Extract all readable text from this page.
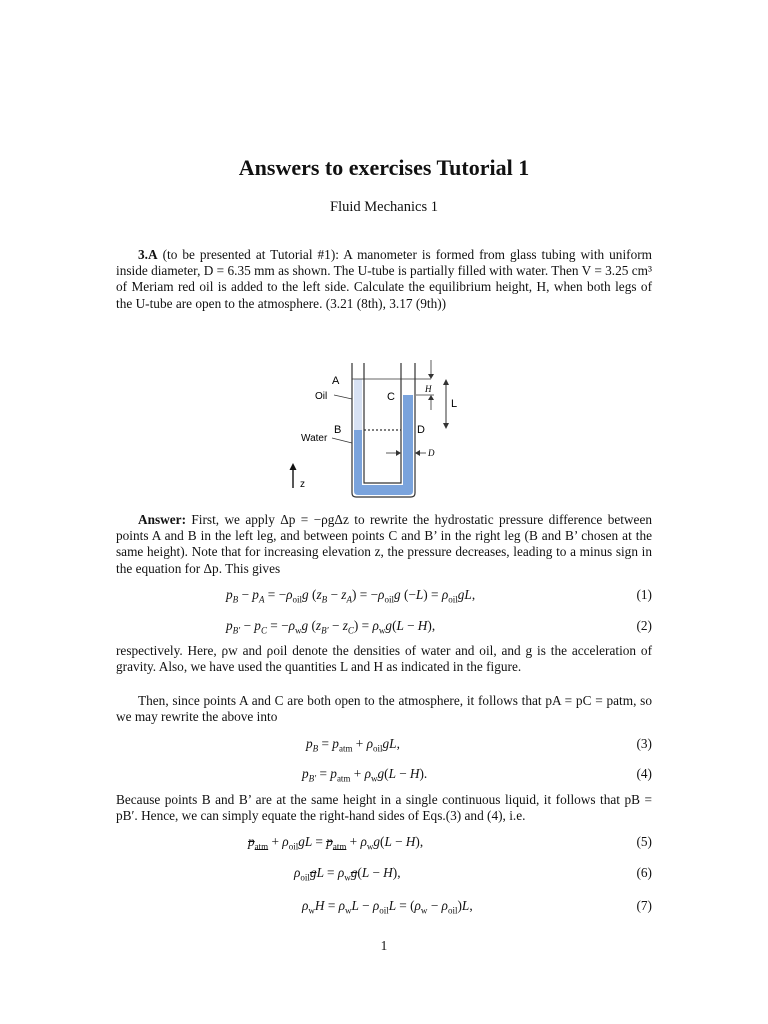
Answers to exercises Tutorial 1
Fluid Mechanics 1
3.A (to be presented at Tutorial #1): A manometer is formed from glass tubing with uniform inside diameter, D = 6.35 mm as shown. The U-tube is partially filled with water. Then V = 3.25 cm³ of Meriam red oil is added to the left side. Calculate the equilibrium height, H, when both legs of the U-tube are open to the atmosphere. (3.21 (8th), 3.17 (9th))
A
Oil	C
B	D
Water
H
L
D
z
Answer: First, we apply Δp = −ρgΔz to rewrite the hydrostatic pressure difference between points A and B in the left leg, and between points C and B’ in the right leg (B and B’ chosen at the same height). Note that for increasing elevation z, the pressure decreases, leading to a minus sign in the equation for Δp. This gives
$p_B - p_A = -\rho_{oil}g$ $(z_B - z_A) = -\rho_{oil}g$ $(-L) = \rho_{oil}gL$,	(1)
$p_{B'} - p_C = -\rho_wg$ $(z_{B'} - z_C) = \rho_wg(L - H)$,	(2)
respectively. Here, ρw and ρoil denote the densities of water and oil, and g is the acceleration of gravity. Also, we have used the quantities L and H as indicated in the figure.
Then, since points A and C are both open to the atmosphere, it follows that pA = pC = patm, so we may rewrite the above into
$p_B = p_{atm} + \rho_{oil}gL$,	(3)
$p_{B'} = p_{atm} + \rho_wg(L - H)$.	(4)
Because points B and B’ are at the same height in a single continuous liquid, it follows that pB = pB′. Hence, we can simply equate the right-hand sides of Eqs.(3) and (4), i.e.
$p_{atm} + \rho_{oil}gL = p_{atm} + \rho_wg(L - H)$,	(5)
$\rho_{oil}gL = \rho_wg(L - H)$,	(6)
$\rho_wH = \rho_wL - \rho_{oil}L = (\rho_w - \rho_{oil})L$,	(7)
1
